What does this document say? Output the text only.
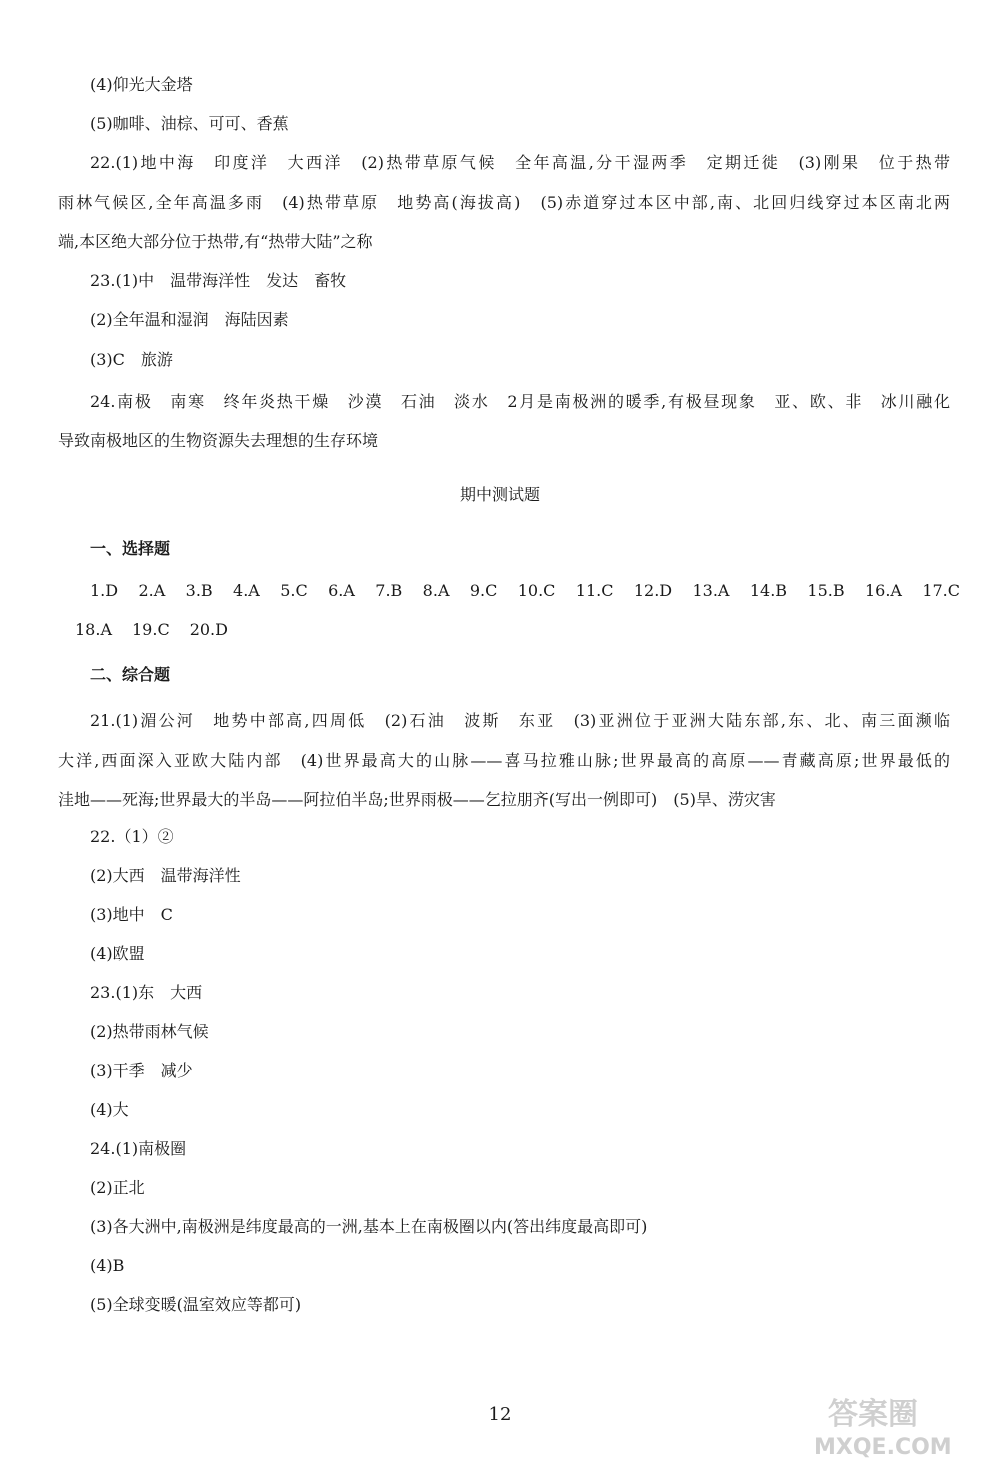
(4)仰光大金塔
(5)咖啡、油棕、可可、香蕉
22.(1)地中海　印度洋　大西洋　(2)热带草原气候　全年高温,分干湿两季　定期迁徙　(3)刚果　位于热带
雨林气候区,全年高温多雨　(4)热带草原　地势高(海拔高)　(5)赤道穿过本区中部,南、北回归线穿过本区南北两
端,本区绝大部分位于热带,有“热带大陆”之称
23.(1)中　温带海洋性　发达　畜牧
(2)全年温和湿润　海陆因素
(3)C　旅游
24.南极　南寒　终年炎热干燥　沙漠　石油　淡水　2月是南极洲的暖季,有极昼现象　亚、欧、非　冰川融化
导致南极地区的生物资源失去理想的生存环境
期中测试题
一、选择题
1.D 2.A 3.B 4.A 5.C 6.A 7.B 8.A 9.C 10.C 11.C 12.D 13.A 14.B 15.B 16.A 17.C
18.A 19.C 20.D
二、综合题
21.(1)湄公河　地势中部高,四周低　(2)石油　波斯　东亚　(3)亚洲位于亚洲大陆东部,东、北、南三面濒临
大洋,西面深入亚欧大陆内部　(4)世界最高大的山脉——喜马拉雅山脉;世界最高的高原——青藏高原;世界最低的
洼地——死海;世界最大的半岛——阿拉伯半岛;世界雨极——乞拉朋齐(写出一例即可)　(5)旱、涝灾害
22.（1）②
(2)大西　温带海洋性
(3)地中　C
(4)欧盟
23.(1)东　大西
(2)热带雨林气候
(3)干季　减少
(4)大
24.(1)南极圈
(2)正北
(3)各大洲中,南极洲是纬度最高的一洲,基本上在南极圈以内(答出纬度最高即可)
(4)B
(5)全球变暖(温室效应等都可)
12	答案圈
MXQE.COM
